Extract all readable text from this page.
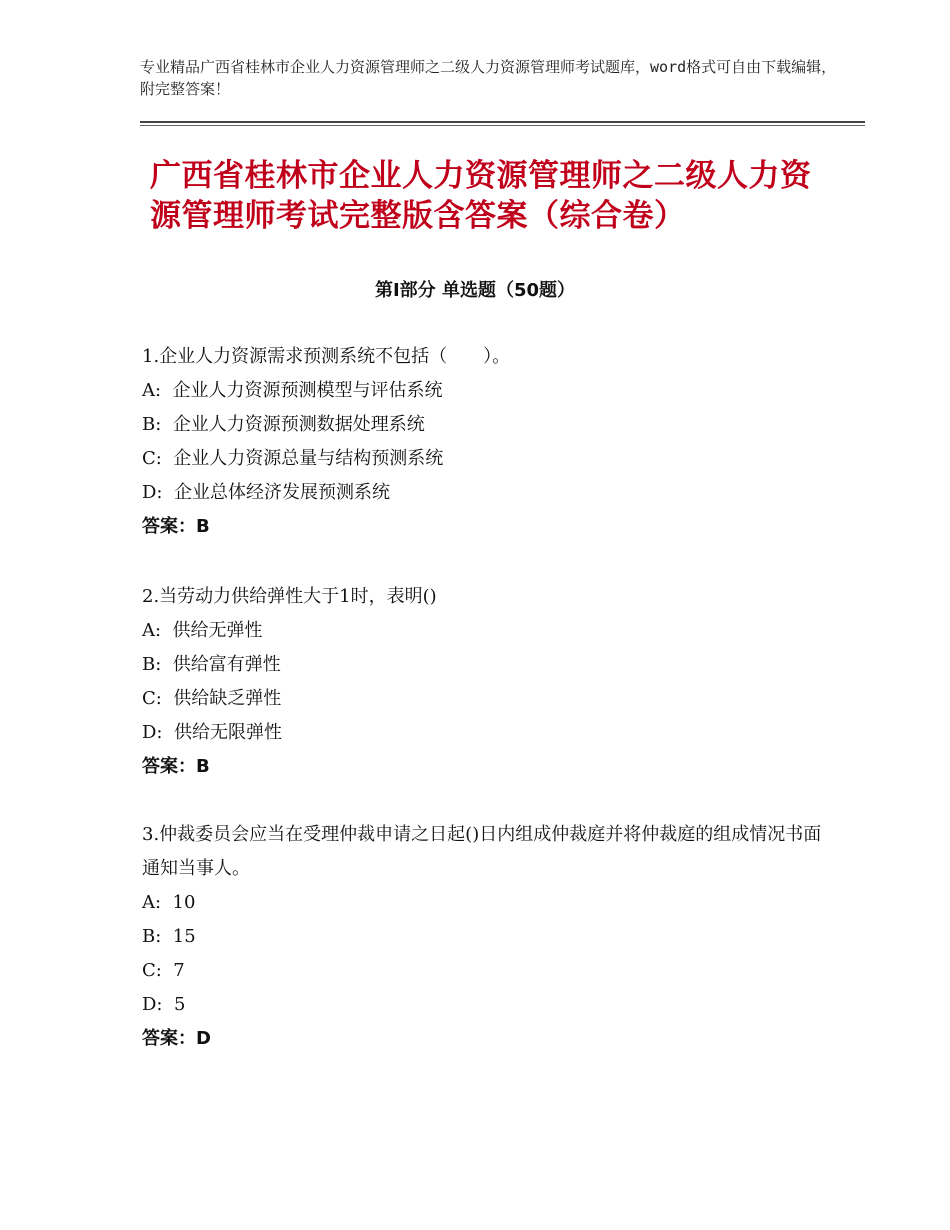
专业精品广西省桂林市企业人力资源管理师之二级人力资源管理师考试题库，word格式可自由下载编辑，附完整答案！
广西省桂林市企业人力资源管理师之二级人力资源管理师考试完整版含答案（综合卷）
第Ⅰ部分 单选题（50题）

1.企业人力资源需求预测系统不包括（　　）。

A:  企业人力资源预测模型与评估系统

B:  企业人力资源预测数据处理系统

C:  企业人力资源总量与结构预测系统

D:  企业总体经济发展预测系统

答案：B

2.当劳动力供给弹性大于1时，表明()

A:  供给无弹性

B:  供给富有弹性

C:  供给缺乏弹性

D:  供给无限弹性

答案：B

3.仲裁委员会应当在受理仲裁申请之日起()日内组成仲裁庭并将仲裁庭的组成情况书面通知当事人。

A:  10

B:  15

C:  7

D:  5

答案：D
